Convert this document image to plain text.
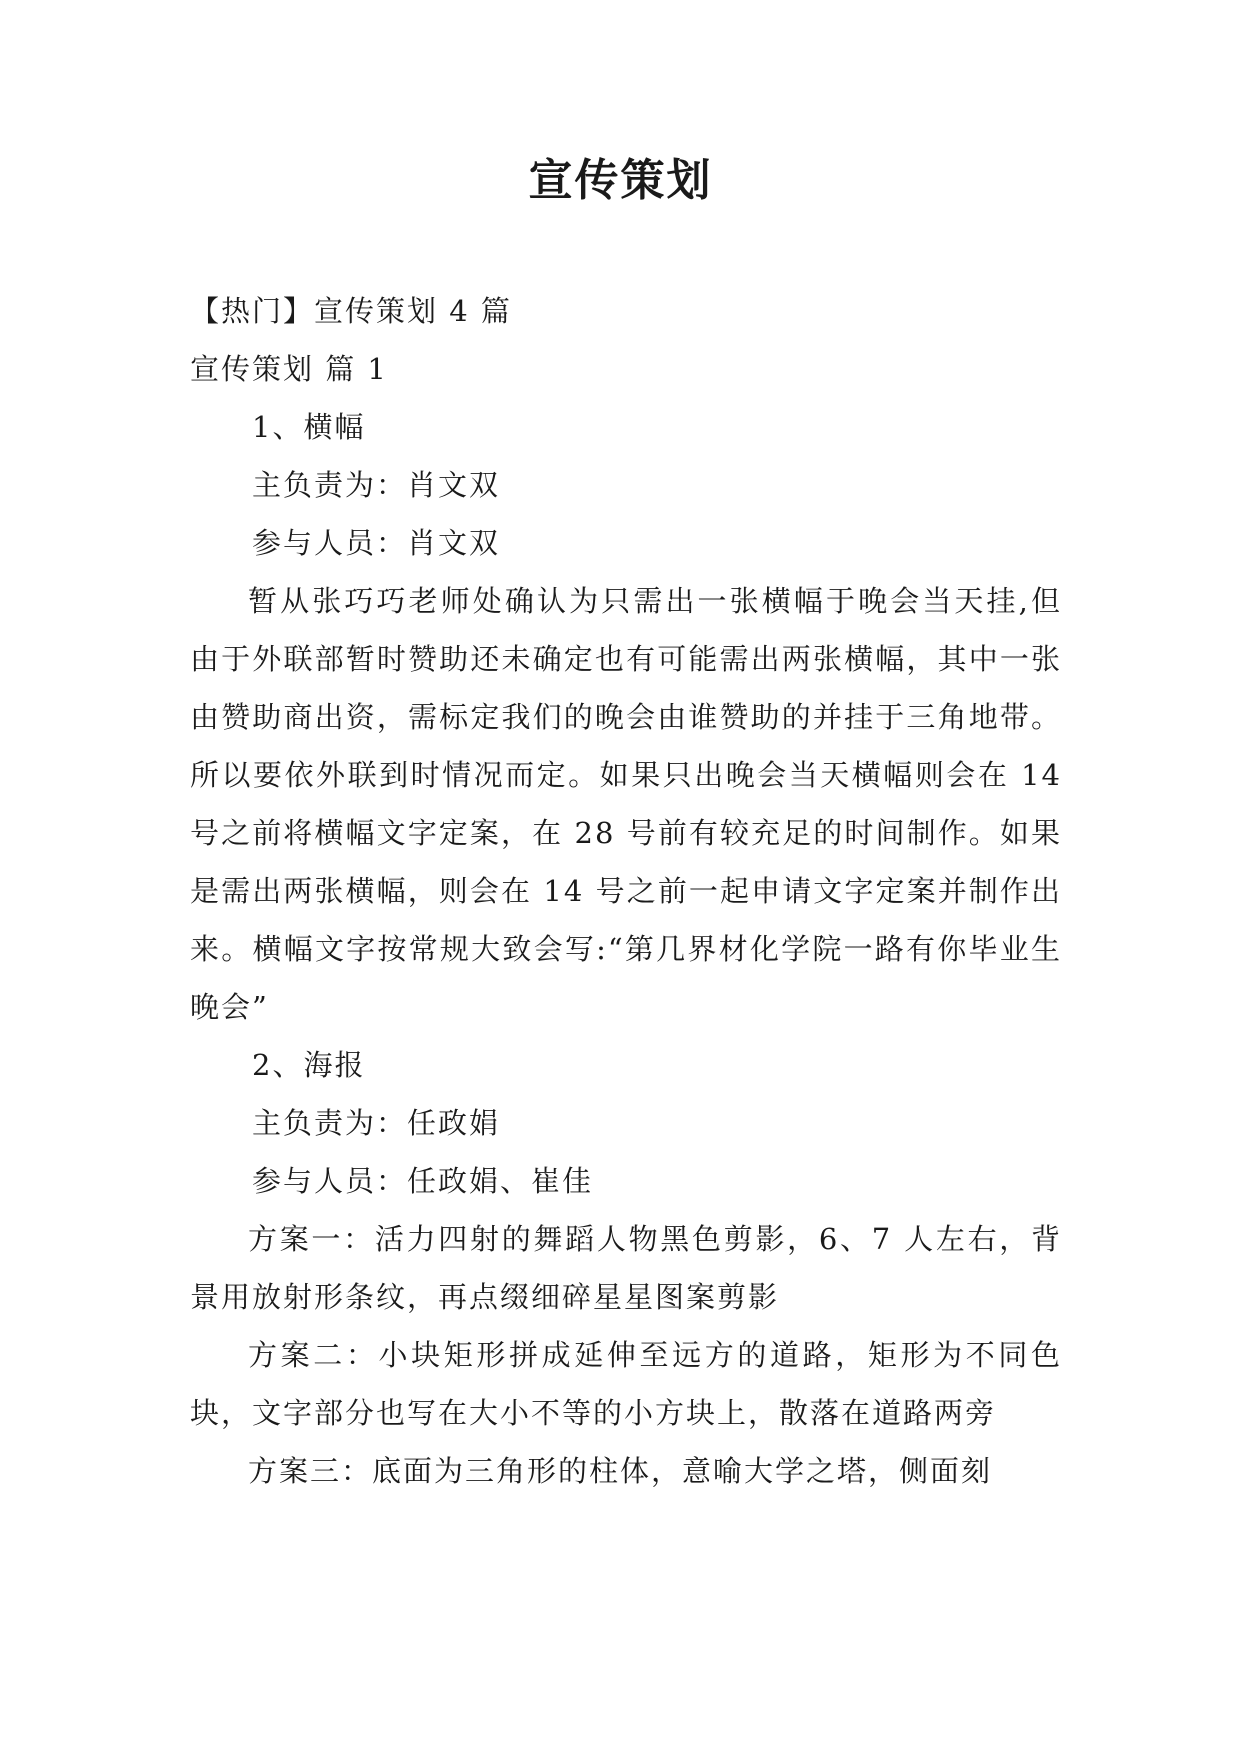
宣传策划

【热门】宣传策划 4 篇

宣传策划 篇 1

1、横幅

主负责为：肖文双

参与人员：肖文双

暂从张巧巧老师处确认为只需出一张横幅于晚会当天挂,但由于外联部暂时赞助还未确定也有可能需出两张横幅，其中一张由赞助商出资，需标定我们的晚会由谁赞助的并挂于三角地带。所以要依外联到时情况而定。如果只出晚会当天横幅则会在 14 号之前将横幅文字定案，在 28 号前有较充足的时间制作。如果是需出两张横幅，则会在 14 号之前一起申请文字定案并制作出来。横幅文字按常规大致会写:“第几界材化学院一路有你毕业生晚会”

2、海报

主负责为：任政娟

参与人员：任政娟、崔佳

方案一：活力四射的舞蹈人物黑色剪影，6、7 人左右，背景用放射形条纹，再点缀细碎星星图案剪影

方案二：小块矩形拼成延伸至远方的道路，矩形为不同色块，文字部分也写在大小不等的小方块上，散落在道路两旁

方案三：底面为三角形的柱体，意喻大学之塔，侧面刻
